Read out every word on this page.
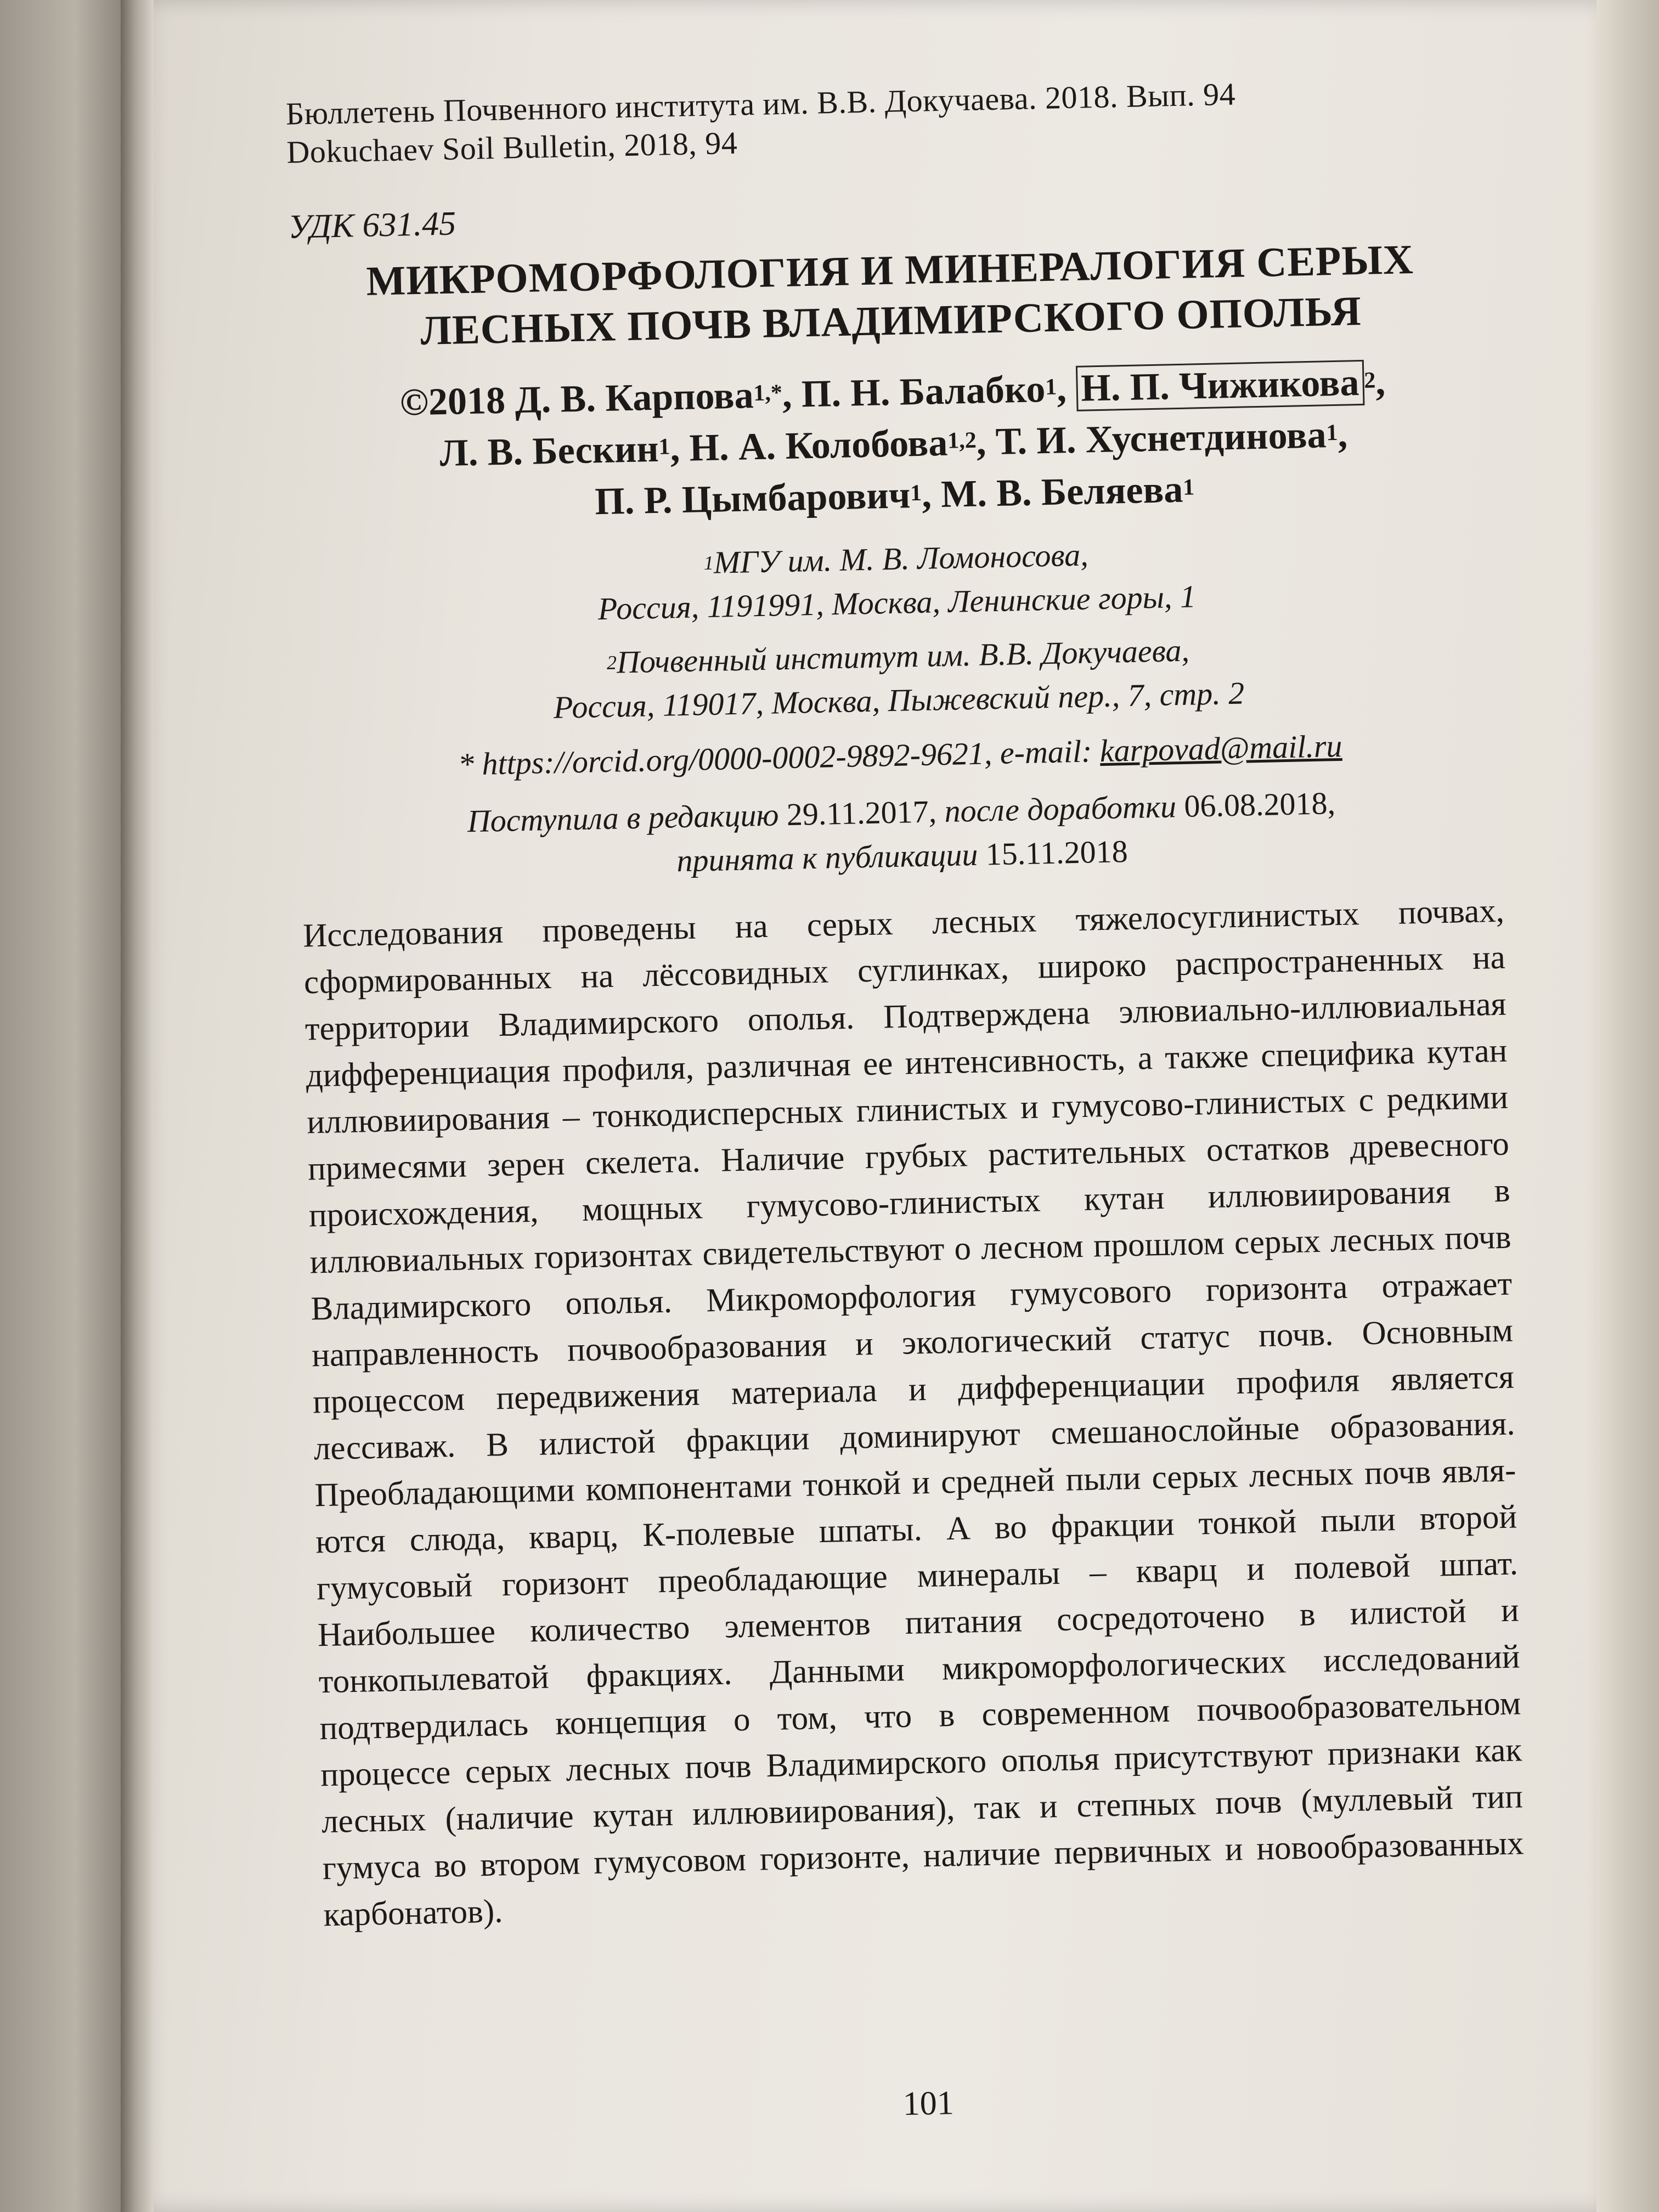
Бюллетень Почвенного института им. В.В. Докучаева. 2018. Вып. 94
Dokuchaev Soil Bulletin, 2018, 94
УДК 631.45
МИКРОМОРФОЛОГИЯ И МИНЕРАЛОГИЯ СЕРЫХ
ЛЕСНЫХ ПОЧВ ВЛАДИМИРСКОГО ОПОЛЬЯ
©2018 Д. В. Карпова$^{1,*}$, П. Н. Балабко$^1$, Н. П. Чижикова $^2$,
Л. В. Бескин$^1$, Н. А. Колобова$^{1,2}$, Т. И. Хуснетдинова$^1$,
П. Р. Цымбарович$^1$, М. В. Беляева$^1$
$^1$МГУ им. М. В. Ломоносова,
Россия, 1191991, Москва, Ленинские горы, 1
$^2$Почвенный институт им. В.В. Докучаева,
Россия, 119017, Москва, Пыжевский пер., 7, стр. 2
* https://orcid.org/0000-0002-9892-9621, e-mail: karpovad@mail.ru
Поступила в редакцию 29.11.2017, после доработки 06.08.2018,
принята к публикации 15.11.2018
Исследования проведены на серых лесных тяжелосуглинистых почвах, сформированных на лёссовидных суглинках, широко распространенных на территории Владимирского ополья. Подтверждена элювиально-иллювиальная дифференциация профиля, различная ее интенсивность, а также специфика кутан иллювиирования – тонкодисперсных глинистых и гумусово-глинистых с редкими примесями зерен скелета. Наличие грубых растительных остатков древесного происхождения, мощных гумусово-глинистых кутан иллювиирования в иллювиальных горизонтах свидетельствуют о лесном прошлом серых лесных почв Владимирского ополья. Микроморфология гумусового горизонта отражает направленность почвообразования и экологический статус почв. Основным процессом передвижения материала и дифференциации профиля является лессиваж. В илистой фракции доминируют смешанослойные образования. Преобладающими компонентами тонкой и средней пыли серых лесных почв являются слюда, кварц, К-полевые шпаты. А во фракции тонкой пыли второй гумусовый горизонт преобладающие минералы – кварц и полевой шпат. Наибольшее количество элементов питания сосредоточено в илистой и тонкопылеватой фракциях. Данными микроморфологических исследований подтвердилась концепция о том, что в современном почвообразовательном процессе серых лесных почв Владимирского ополья присутствуют признаки как лесных (наличие кутан иллювиирования), так и степных почв (муллевый тип гумуса во втором гумусовом горизонте, наличие первичных и новообразованных карбонатов).
101
